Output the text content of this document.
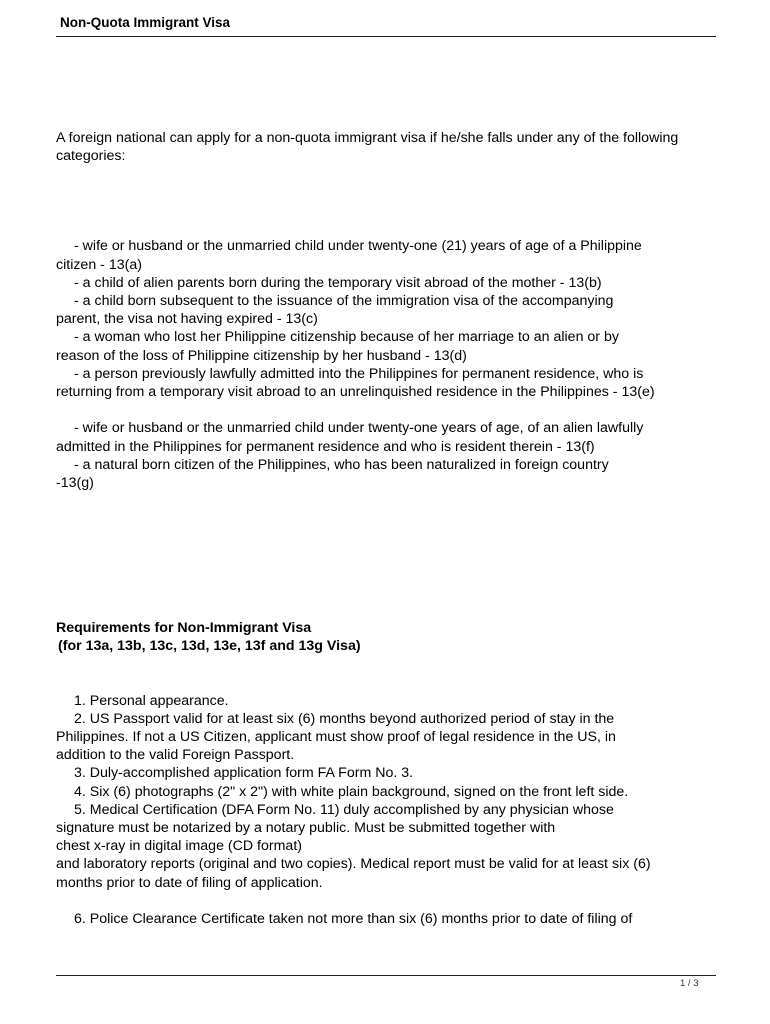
Non-Quota Immigrant Visa

A foreign national can apply for a non-quota immigrant visa if he/she falls under any of the following categories:

- wife or husband or the unmarried child under twenty-one (21) years of age of a Philippine

citizen - 13(a)

- a child of alien parents born during the temporary visit abroad of the mother - 13(b)

- a child born subsequent to the issuance of the immigration visa of the accompanying

parent, the visa not having expired - 13(c)

- a woman who lost her Philippine citizenship because of her marriage to an alien or by

reason of the loss of Philippine citizenship by her husband - 13(d)

- a person previously lawfully admitted into the Philippines for permanent residence, who is

returning from a temporary visit abroad to an unrelinquished residence in the Philippines - 13(e)

- wife or husband or the unmarried child under twenty-one years of age, of an alien lawfully

admitted in the Philippines for permanent residence and who is resident therein - 13(f)

- a natural born citizen of the Philippines, who has been naturalized in foreign country

-13(g)

Requirements for Non-Immigrant Visa

(for 13a, 13b, 13c, 13d, 13e, 13f and 13g Visa)

1. Personal appearance.

2. US Passport valid for at least six (6) months beyond authorized period of stay in the

Philippines. If not a US Citizen, applicant must show proof of legal residence in the US, in

addition to the valid Foreign Passport.

3. Duly-accomplished application form FA Form No. 3.

4. Six (6) photographs (2" x 2") with white plain background, signed on the front left side.

5. Medical Certification (DFA Form No. 11) duly accomplished by any physician whose

signature must be notarized by a notary public. Must be submitted together with

chest x-ray in digital image (CD format)

and laboratory reports (original and two copies). Medical report must be valid for at least six (6)

months prior to date of filing of application.

6. Police Clearance Certificate taken not more than six (6) months prior to date of filing of

1 / 3
